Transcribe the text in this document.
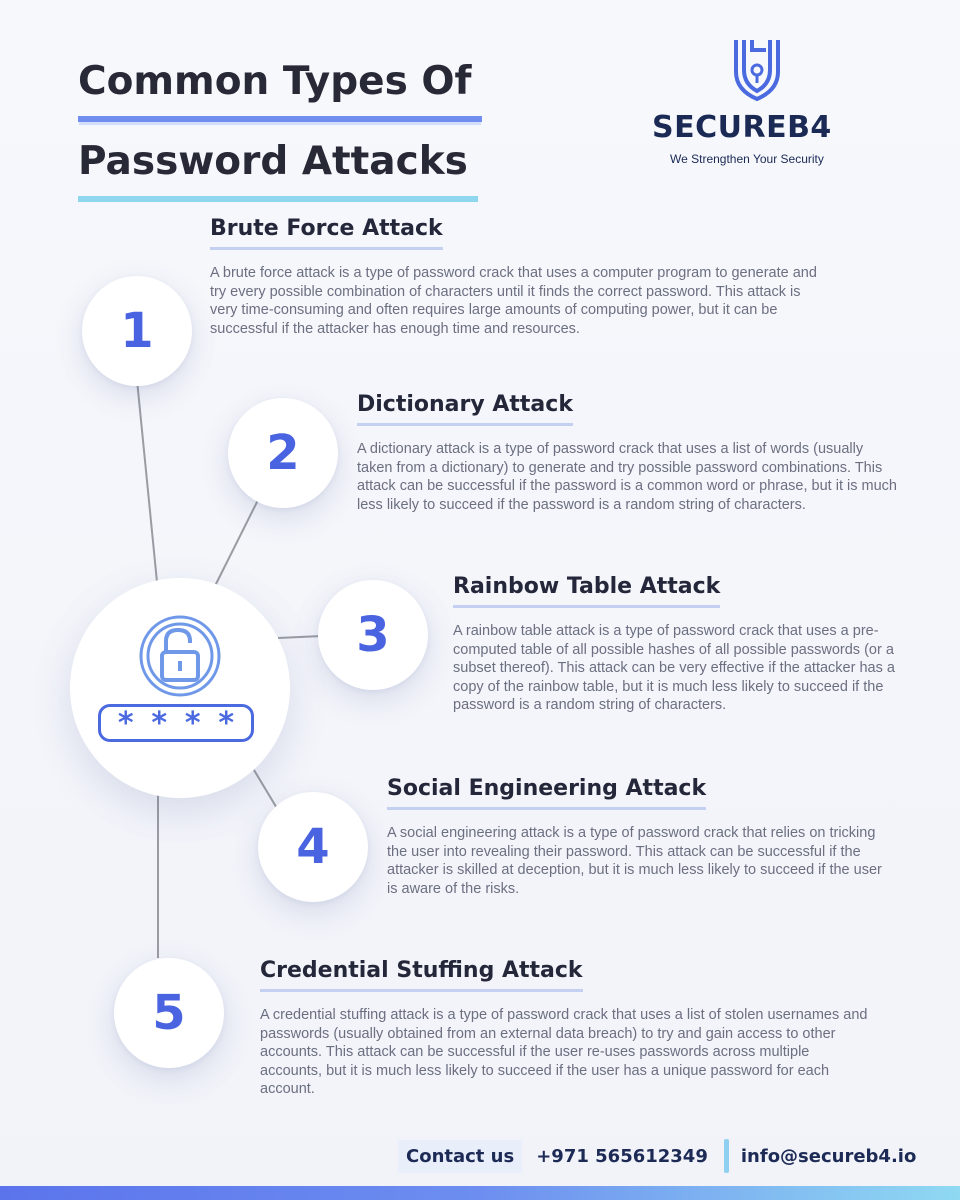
Common Types Of
Password Attacks
SECUREB4
We Strengthen Your Security
1
2
3
4
5
* * * *
Brute Force Attack

A brute force attack is a type of password crack that uses a computer program to generate and try every possible combination of characters until it finds the correct password. This attack is very time-consuming and often requires large amounts of computing power, but it can be successful if the attacker has enough time and resources.

Dictionary Attack

A dictionary attack is a type of password crack that uses a list of words (usually taken from a dictionary) to generate and try possible password combinations. This attack can be successful if the password is a common word or phrase, but it is much less likely to succeed if the password is a random string of characters.

Rainbow Table Attack

A rainbow table attack is a type of password crack that uses a pre-computed table of all possible hashes of all possible passwords (or a subset thereof). This attack can be very effective if the attacker has a copy of the rainbow table, but it is much less likely to succeed if the password is a random string of characters.

Social Engineering Attack

A social engineering attack is a type of password crack that relies on tricking the user into revealing their password. This attack can be successful if the attacker is skilled at deception, but it is much less likely to succeed if the user is aware of the risks.

Credential Stuffing Attack

A credential stuffing attack is a type of password crack that uses a list of stolen usernames and passwords (usually obtained from an external data breach) to try and gain access to other accounts. This attack can be successful if the user re-uses passwords across multiple accounts, but it is much less likely to succeed if the user has a unique password for each account.

Contact us	+971 565612349 info@secureb4.io
